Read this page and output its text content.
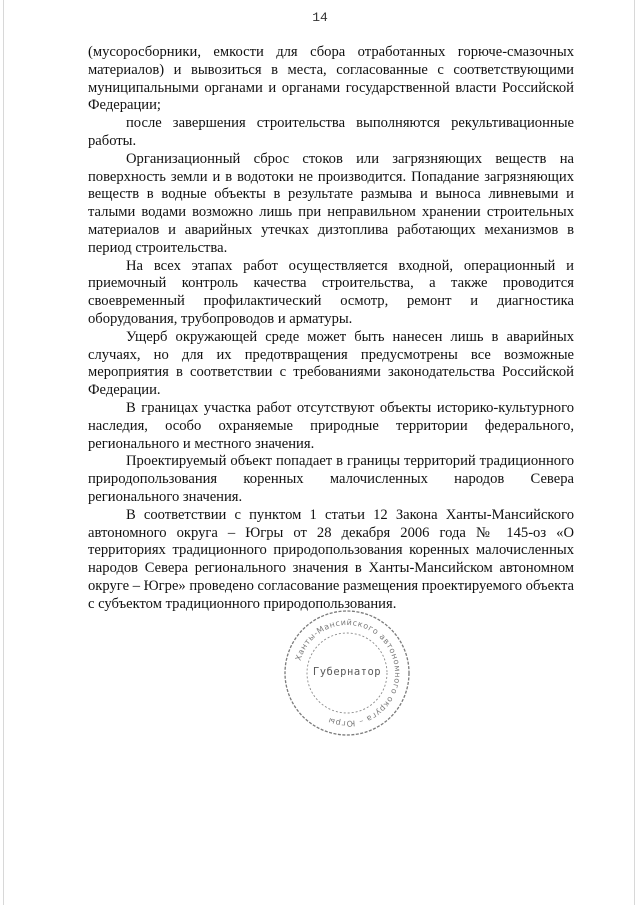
14

(мусоросборники, емкости для сбора отработанных горюче-смазочных материалов) и вывозиться в места, согласованные с соответствующими муниципальными органами и органами государственной власти Российской Федерации;

после завершения строительства выполняются рекультивационные работы.

Организационный сброс стоков или загрязняющих веществ на поверхность земли и в водотоки не производится. Попадание загрязняющих веществ в водные объекты в результате размыва и выноса ливневыми и талыми водами возможно лишь при неправильном хранении строительных материалов и аварийных утечках дизтоплива работающих механизмов в период строительства.

На всех этапах работ осуществляется входной, операционный и приемочный контроль качества строительства, а также проводится своевременный профилактический осмотр, ремонт и диагностика оборудования, трубопроводов и арматуры.

Ущерб окружающей среде может быть нанесен лишь в аварийных случаях, но для их предотвращения предусмотрены все возможные мероприятия в соответствии с требованиями законодательства Российской Федерации.

В границах участка работ отсутствуют объекты историко-культурного наследия, особо охраняемые природные территории федерального, регионального и местного значения.

Проектируемый объект попадает в границы территорий традиционного природопользования коренных малочисленных народов Севера регионального значения.

В соответствии с пунктом 1 статьи 12 Закона Ханты-Мансийского автономного округа – Югры от 28 декабря 2006 года № 145-оз «О территориях традиционного природопользования коренных малочисленных народов Севера регионального значения в Ханты-Мансийском автономном округе – Югре» проведено согласование размещения проектируемого объекта с субъектом традиционного природопользования.

Ханты-Мансийского автономного округа – Югры
Губернатор
